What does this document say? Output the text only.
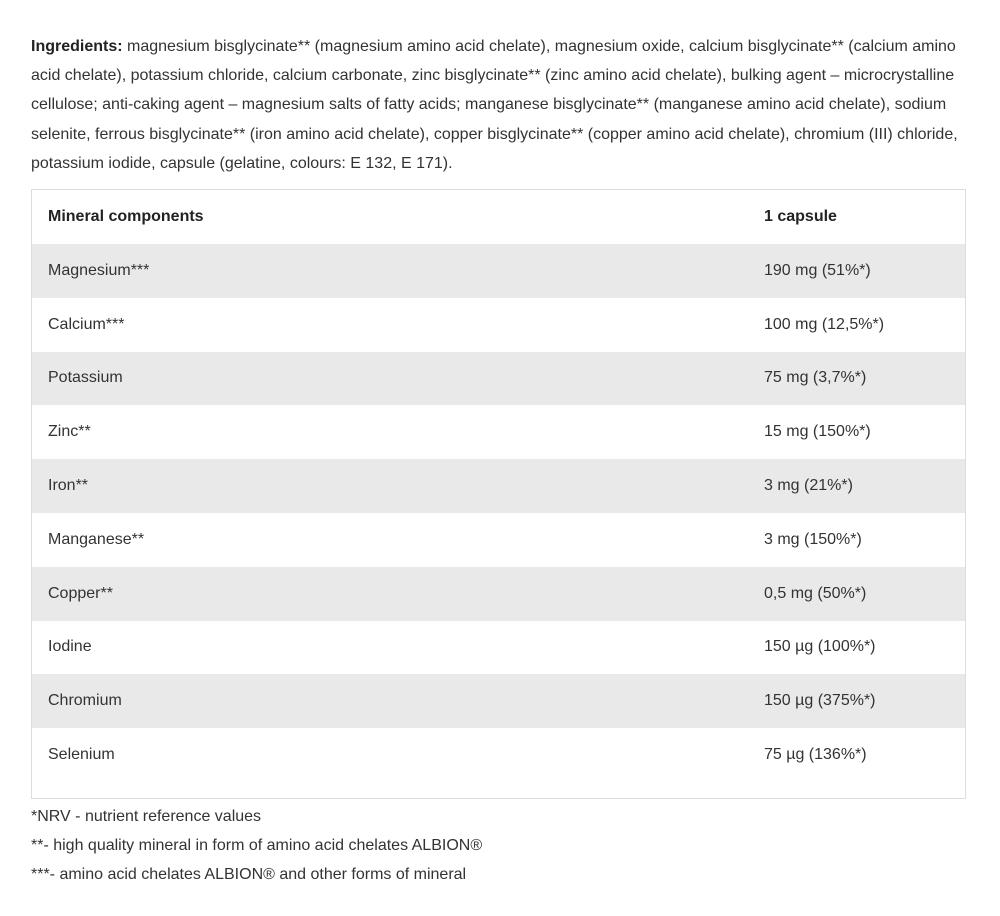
Ingredients: magnesium bisglycinate** (magnesium amino acid chelate), magnesium oxide, calcium bisglycinate** (calcium amino acid chelate), potassium chloride, calcium carbonate, zinc bisglycinate** (zinc amino acid chelate), bulking agent – microcrystalline cellulose; anti-caking agent – magnesium salts of fatty acids; manganese bisglycinate** (manganese amino acid chelate), sodium selenite, ferrous bisglycinate** (iron amino acid chelate), copper bisglycinate** (copper amino acid chelate), chromium (III) chloride, potassium iodide, capsule (gelatine, colours: E 132, E 171).

Mineral components	1 capsule
Magnesium***	190 mg (51%*)
Calcium***	100 mg (12,5%*)
Potassium	75 mg (3,7%*)
Zinc**	15 mg (150%*)
Iron**	3 mg (21%*)
Manganese**	3 mg (150%*)
Copper**	0,5 mg (50%*)
Iodine	150 µg (100%*)
Chromium	150 µg (375%*)
Selenium	75 µg (136%*)
*NRV - nutrient reference values
**- high quality mineral in form of amino acid chelates ALBION®
***- amino acid chelates ALBION® and other forms of mineral
